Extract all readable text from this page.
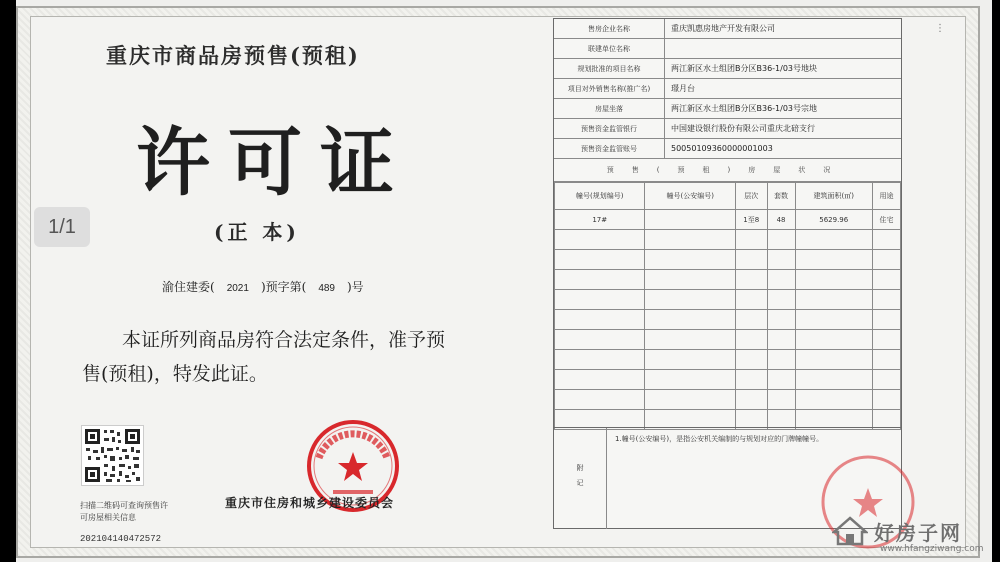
重庆市商品房预售(预租)
许可证
(正 本)
渝住建委( 2021 )预字第( 489 )号
本证所列商品房符合法定条件，准予预售(预租)，特发此证。
扫描二维码可查询预售许可房屋相关信息
202104140472572
重庆市住房和城乡建设委员会
售房企业名称	重庆凯惠房地产开发有限公司
联建单位名称
规划批准的项目名称	两江新区水土组团B分区B36-1/03号地块
项目对外销售名称(推广名)	璟月台
房屋坐落	两江新区水土组团B分区B36-1/03号宗地
预售资金监管银行	中国建设银行股份有限公司重庆北碚支行
预售资金监管账号	50050109360000001003
预售(预租)房屋状况
幢号(规划编号)	幢号(公安编号)	层次	套数	建筑面积(㎡)	用途
17#		1至8	48	5629.96	住宅

附记
1.幢号(公安编号)，是指公安机关编制的与规划对应的门牌幢幢号。
1/1
⋮
好房子网
www.hfangziwang.com
